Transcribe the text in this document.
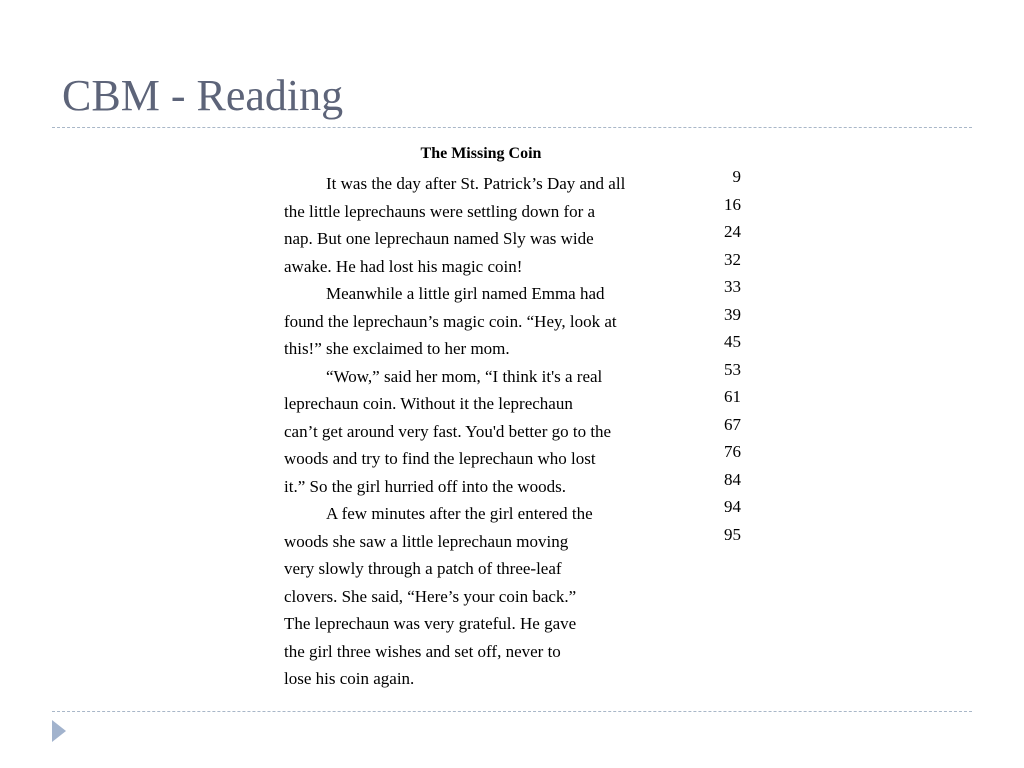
CBM - Reading
The Missing Coin
It was the day after St. Patrick’s Day and all
the little leprechauns were settling down for a
nap. But one leprechaun named Sly was wide
awake. He had lost his magic coin!
Meanwhile a little girl named Emma had
found the leprechaun’s magic coin. “Hey, look at
this!” she exclaimed to her mom.
“Wow,” said her mom, “I think it's a real
leprechaun coin. Without it the leprechaun
can’t get around very fast. You'd better go to the
woods and try to find the leprechaun who lost
it.” So the girl hurried off into the woods.
A few minutes after the girl entered the
woods she saw a little leprechaun moving
very slowly through a patch of three-leaf
clovers. She said, “Here’s your coin back.”
The leprechaun was very grateful. He gave
the girl three wishes and set off, never to
lose his coin again.
9
16
24
32
33
39
45
53
61
67
76
84
94
95
